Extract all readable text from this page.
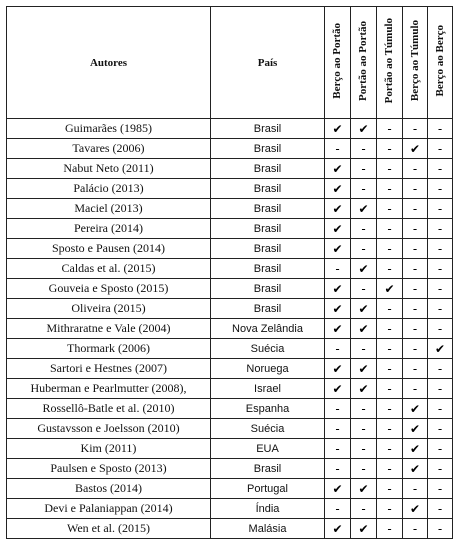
Autores	País	Berço ao Portão	Portão ao Portão	Portão ao Túmulo	Berço ao Túmulo	Berço ao Berço
Guimarães (1985)	Brasil	✔	✔	-	-	-
Tavares (2006)	Brasil	-	-	-	✔	-
Nabut Neto (2011)	Brasil	✔	-	-	-	-
Palácio (2013)	Brasil	✔	-	-	-	-
Maciel (2013)	Brasil	✔	✔	-	-	-
Pereira (2014)	Brasil	✔	-	-	-	-
Sposto e Pausen (2014)	Brasil	✔	-	-	-	-
Caldas et al. (2015)	Brasil	-	✔	-	-	-
Gouveia e Sposto (2015)	Brasil	✔	-	✔	-	-
Oliveira (2015)	Brasil	✔	✔	-	-	-
Mithraratne e Vale (2004)	Nova Zelândia	✔	✔	-	-	-
Thormark (2006)	Suécia	-	-	-	-	✔
Sartori e Hestnes (2007)	Noruega	✔	✔	-	-	-
Huberman e Pearlmutter (2008),	Israel	✔	✔	-	-	-
Rossellô-Batle et al. (2010)	Espanha	-	-	-	✔	-
Gustavsson e Joelsson (2010)	Suécia	-	-	-	✔	-
Kim (2011)	EUA	-	-	-	✔	-
Paulsen e Sposto (2013)	Brasil	-	-	-	✔	-
Bastos (2014)	Portugal	✔	✔	-	-	-
Devi e Palaniappan (2014)	Índia	-	-	-	✔	-
Wen et al. (2015)	Malásia	✔	✔	-	-	-
